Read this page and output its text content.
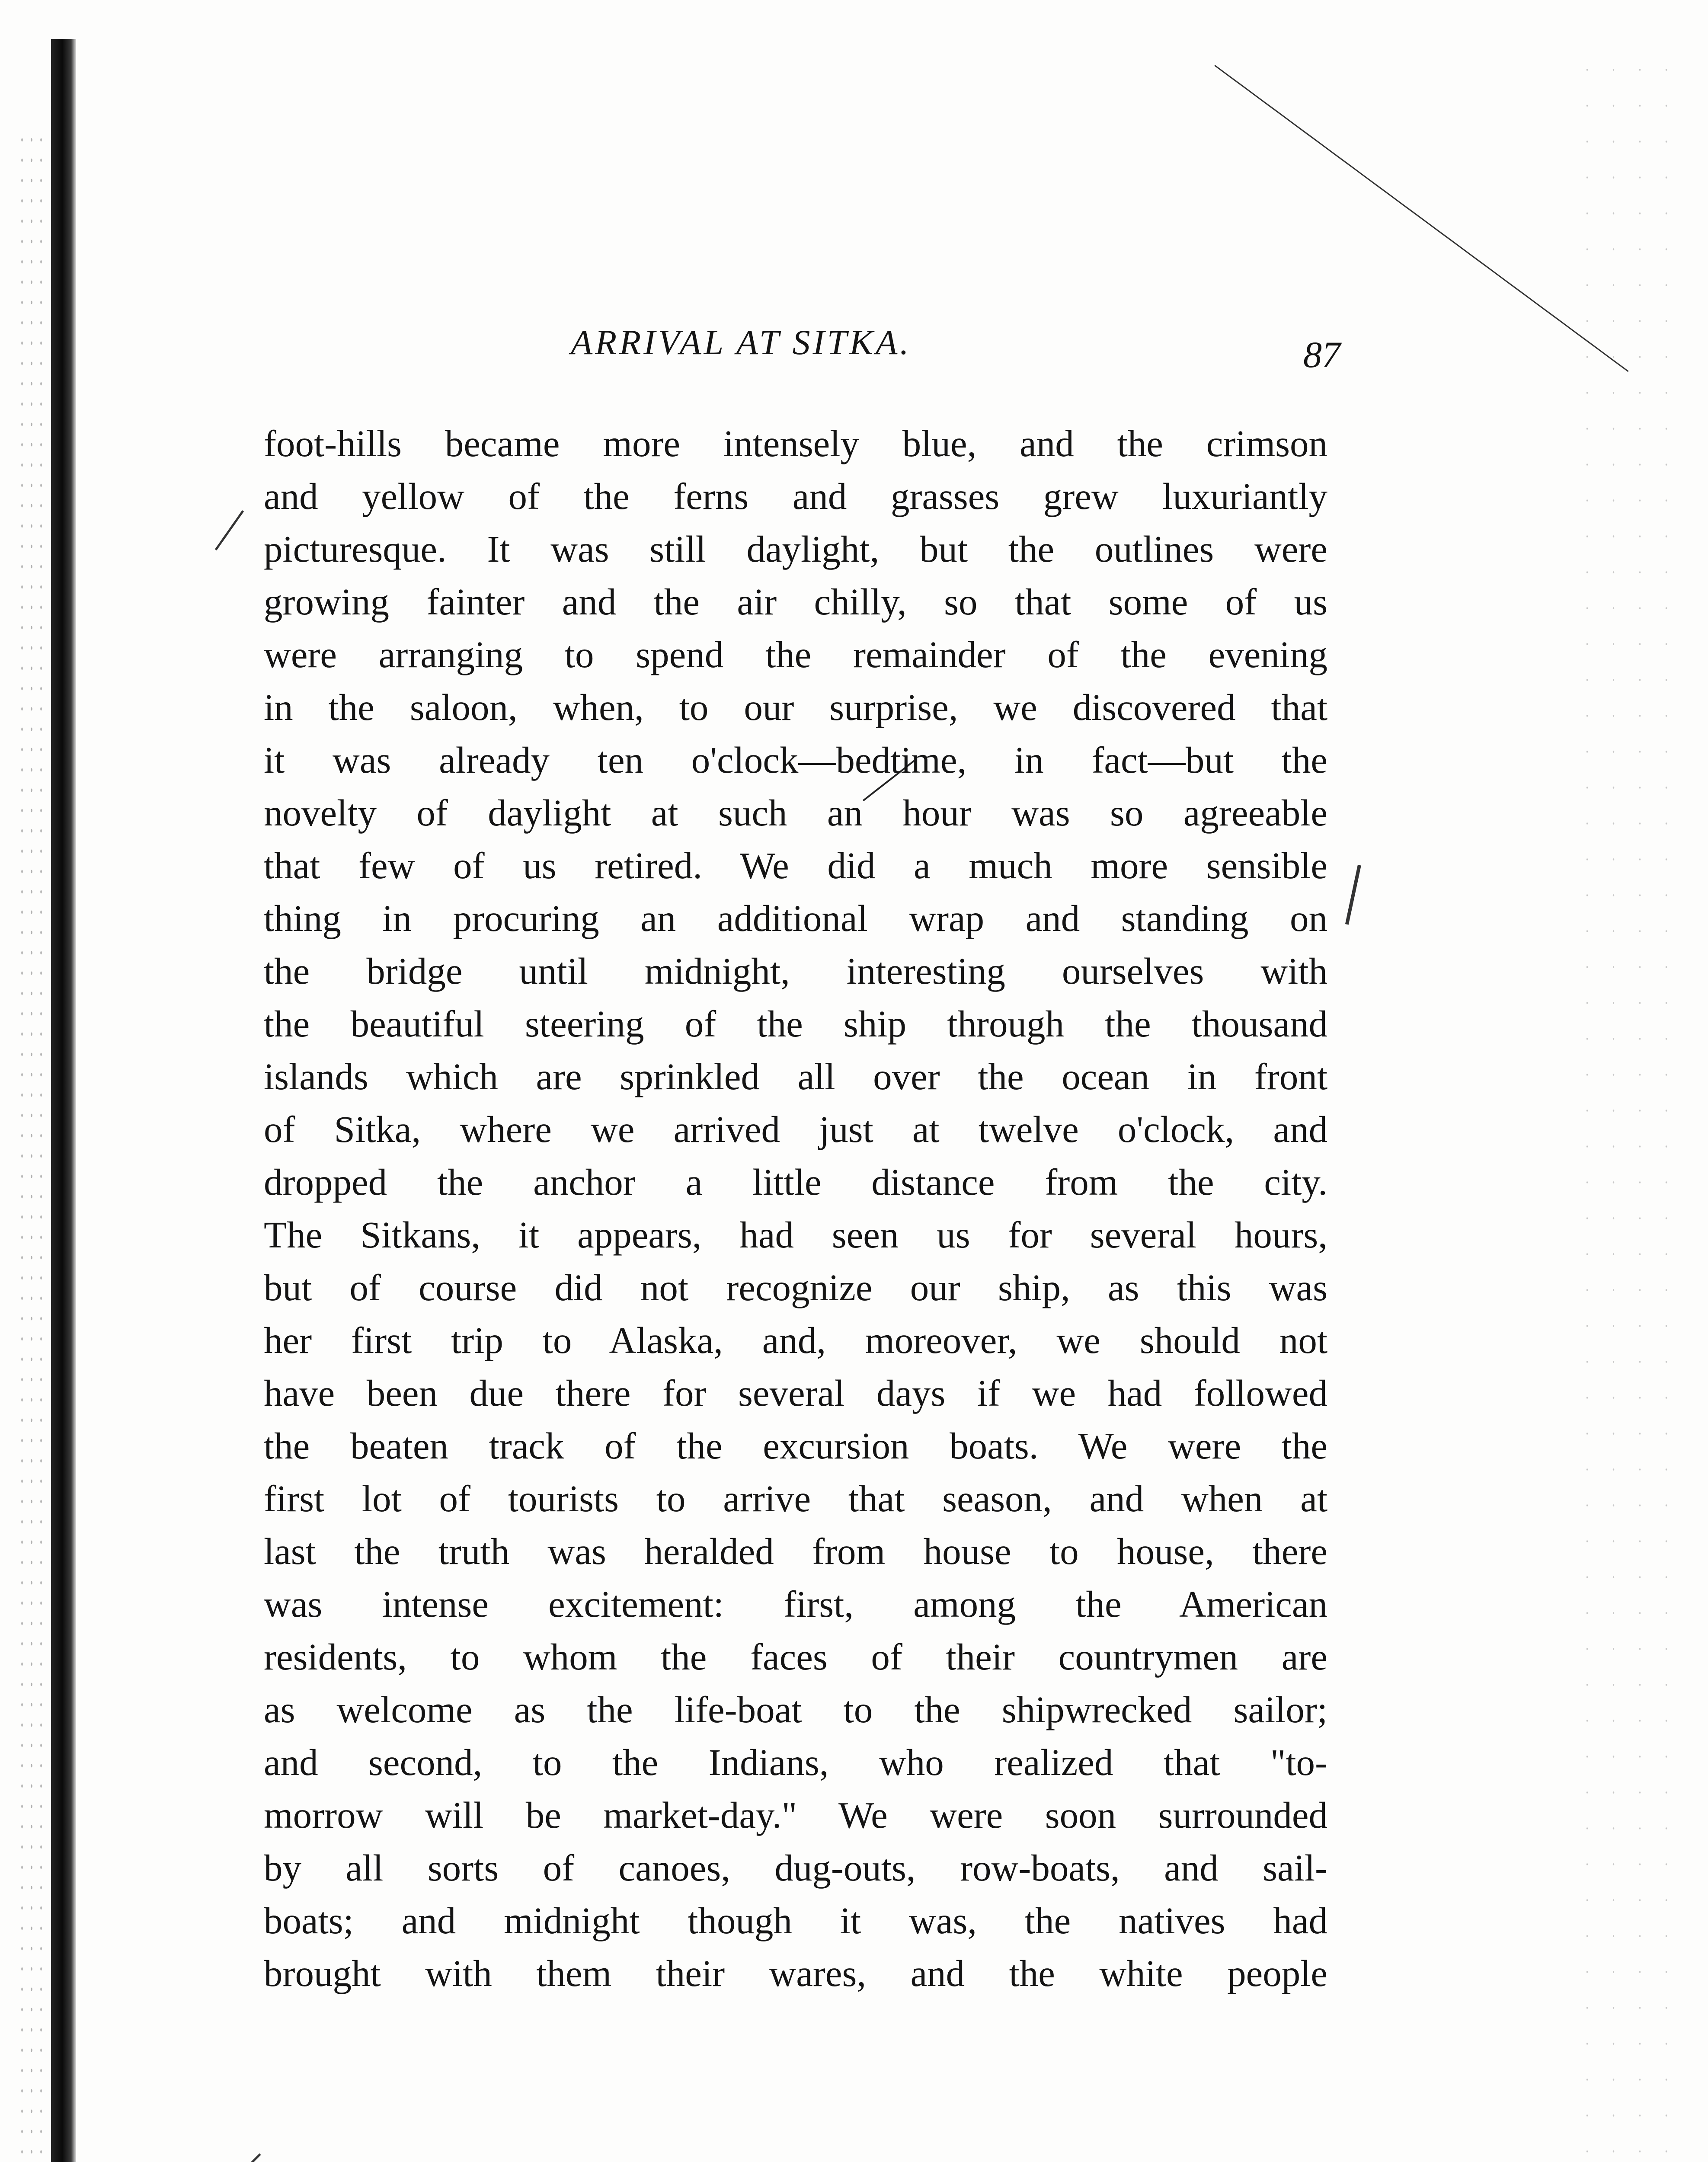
ARRIVAL AT SITKA.	87
foot-hills became more intensely blue, and the crimson
and yellow of the ferns and grasses grew luxuriantly
picturesque. It was still daylight, but the outlines were
growing fainter and the air chilly, so that some of us
were arranging to spend the remainder of the evening
in the saloon, when, to our surprise, we discovered that
it was already ten o'clock—bedtime, in fact—but the
novelty of daylight at such an hour was so agreeable
that few of us retired. We did a much more sensible
thing in procuring an additional wrap and standing on
the bridge until midnight, interesting ourselves with
the beautiful steering of the ship through the thousand
islands which are sprinkled all over the ocean in front
of Sitka, where we arrived just at twelve o'clock, and
dropped the anchor a little distance from the city.
The Sitkans, it appears, had seen us for several hours,
but of course did not recognize our ship, as this was
her first trip to Alaska, and, moreover, we should not
have been due there for several days if we had followed
the beaten track of the excursion boats. We were the
first lot of tourists to arrive that season, and when at
last the truth was heralded from house to house, there
was intense excitement: first, among the American
residents, to whom the faces of their countrymen are
as welcome as the life-boat to the shipwrecked sailor;
and second, to the Indians, who realized that "to-
morrow will be market-day." We were soon surrounded
by all sorts of canoes, dug-outs, row-boats, and sail-
boats; and midnight though it was, the natives had
brought with them their wares, and the white people
